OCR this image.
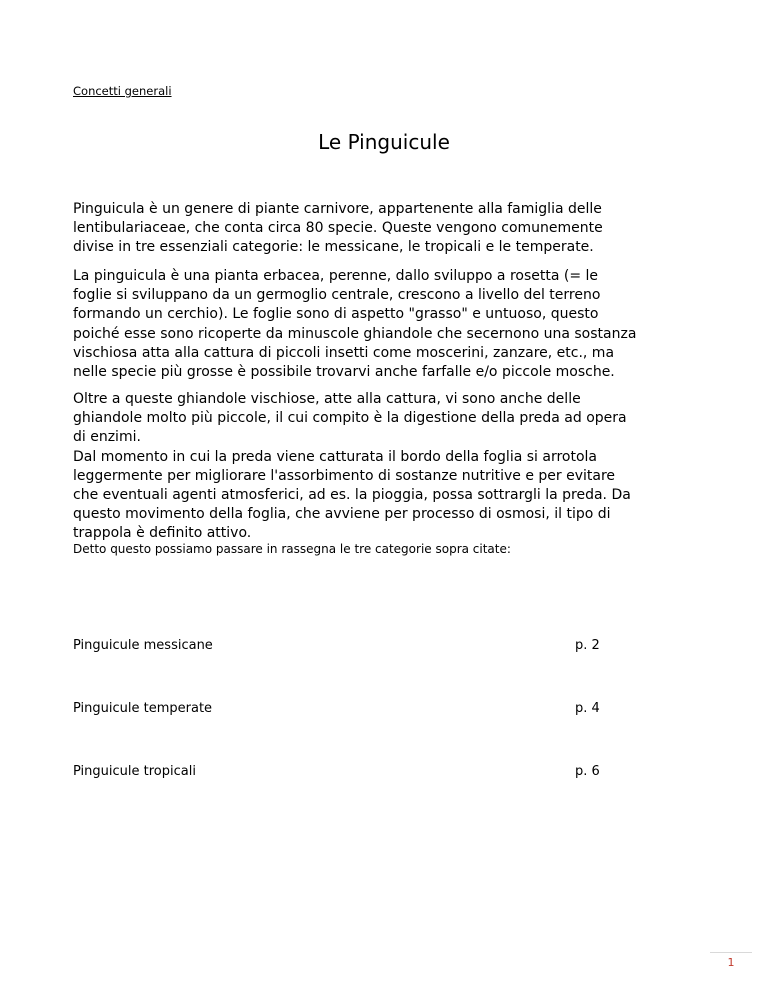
Concetti generali
Le Pinguicule
Pinguicula è un genere di piante carnivore, appartenente alla famiglia delle
lentibulariaceae, che conta circa 80 specie. Queste vengono comunemente
divise in tre essenziali categorie: le messicane, le tropicali e le temperate.
La pinguicula è una pianta erbacea, perenne, dallo sviluppo a rosetta (= le
foglie si sviluppano da un germoglio centrale, crescono a livello del terreno
formando un cerchio). Le foglie sono di aspetto "grasso" e untuoso, questo
poiché esse sono ricoperte da minuscole ghiandole che secernono una sostanza
vischiosa atta alla cattura di piccoli insetti come moscerini, zanzare, etc., ma
nelle specie più grosse è possibile trovarvi anche farfalle e/o piccole mosche.
Oltre a queste ghiandole vischiose, atte alla cattura, vi sono anche delle
ghiandole molto più piccole, il cui compito è la digestione della preda ad opera
di enzimi.
Dal momento in cui la preda viene catturata il bordo della foglia si arrotola
leggermente per migliorare l'assorbimento di sostanze nutritive e per evitare
che eventuali agenti atmosferici, ad es. la pioggia, possa sottrargli la preda. Da
questo movimento della foglia, che avviene per processo di osmosi, il tipo di
trappola è definito attivo.
Detto questo possiamo passare in rassegna le tre categorie sopra citate:
Pinguicule messicane	p. 2
Pinguicule temperate	p. 4
Pinguicule tropicali	p. 6
1
